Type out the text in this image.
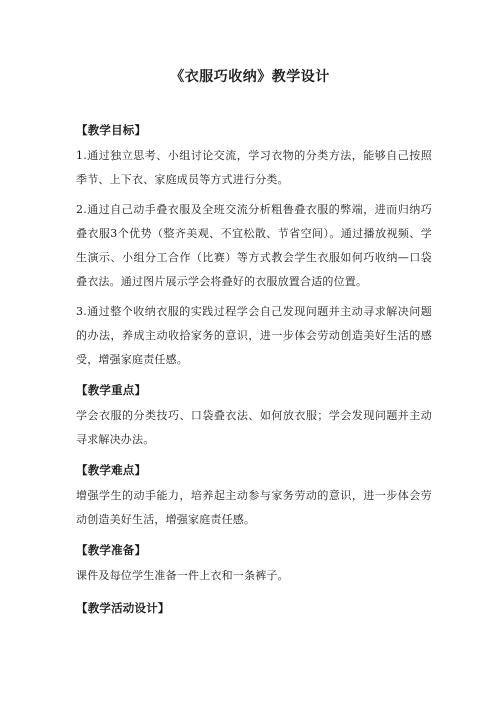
《衣服巧收纳》教学设计
【教学目标】

1.通过独立思考、小组讨论交流，学习衣物的分类方法，能够自己按照季节、上下衣、家庭成员等方式进行分类。

2.通过自己动手叠衣服及全班交流分析粗鲁叠衣服的弊端，进而归纳巧叠衣服3个优势（整齐美观、不宜松散、节省空间）。通过播放视频、学生演示、小组分工合作（比赛）等方式教会学生衣服如何巧收纳—口袋叠衣法。通过图片展示学会将叠好的衣服放置合适的位置。

3.通过整个收纳衣服的实践过程学会自己发现问题并主动寻求解决问题的办法，养成主动收拾家务的意识，进一步体会劳动创造美好生活的感受，增强家庭责任感。

【教学重点】

学会衣服的分类技巧、口袋叠衣法、如何放衣服；学会发现问题并主动寻求解决办法。

【教学难点】

增强学生的动手能力，培养起主动参与家务劳动的意识，进一步体会劳动创造美好生活，增强家庭责任感。

【教学准备】

课件及每位学生准备一件上衣和一条裤子。

【教学活动设计】
